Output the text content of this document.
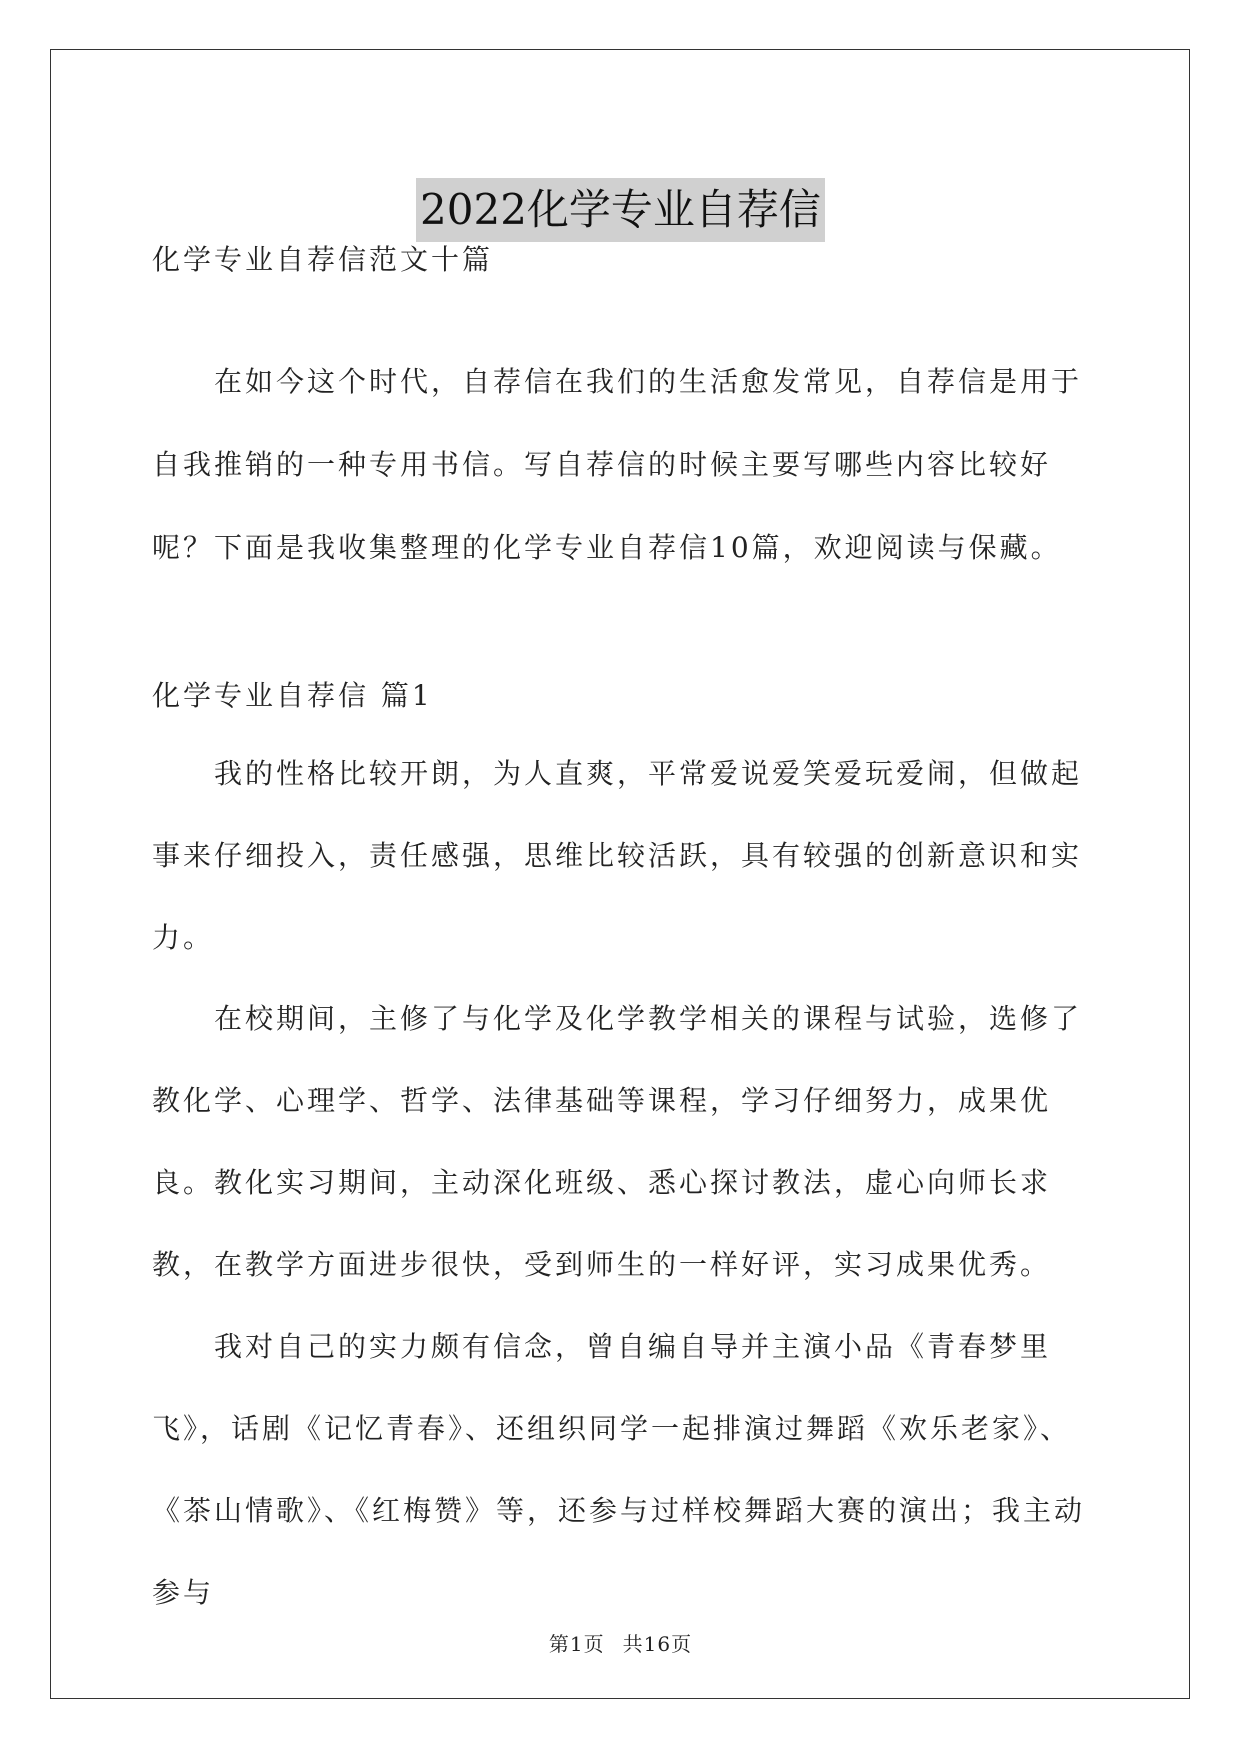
2022化学专业自荐信
化学专业自荐信范文十篇

在如今这个时代，自荐信在我们的生活愈发常见，自荐信是用于自我推销的一种专用书信。写自荐信的时候主要写哪些内容比较好呢？下面是我收集整理的化学专业自荐信10篇，欢迎阅读与保藏。

化学专业自荐信 篇1

我的性格比较开朗，为人直爽，平常爱说爱笑爱玩爱闹，但做起事来仔细投入，责任感强，思维比较活跃，具有较强的创新意识和实力。

在校期间，主修了与化学及化学教学相关的课程与试验，选修了教化学、心理学、哲学、法律基础等课程，学习仔细努力，成果优良。教化实习期间，主动深化班级、悉心探讨教法，虚心向师长求教，在教学方面进步很快，受到师生的一样好评，实习成果优秀。

我对自己的实力颇有信念，曾自编自导并主演小品《青春梦里飞》，话剧《记忆青春》、还组织同学一起排演过舞蹈《欢乐老家》、《茶山情歌》、《红梅赞》等，还参与过样校舞蹈大赛的演出；我主动参与

第1页 共16页
